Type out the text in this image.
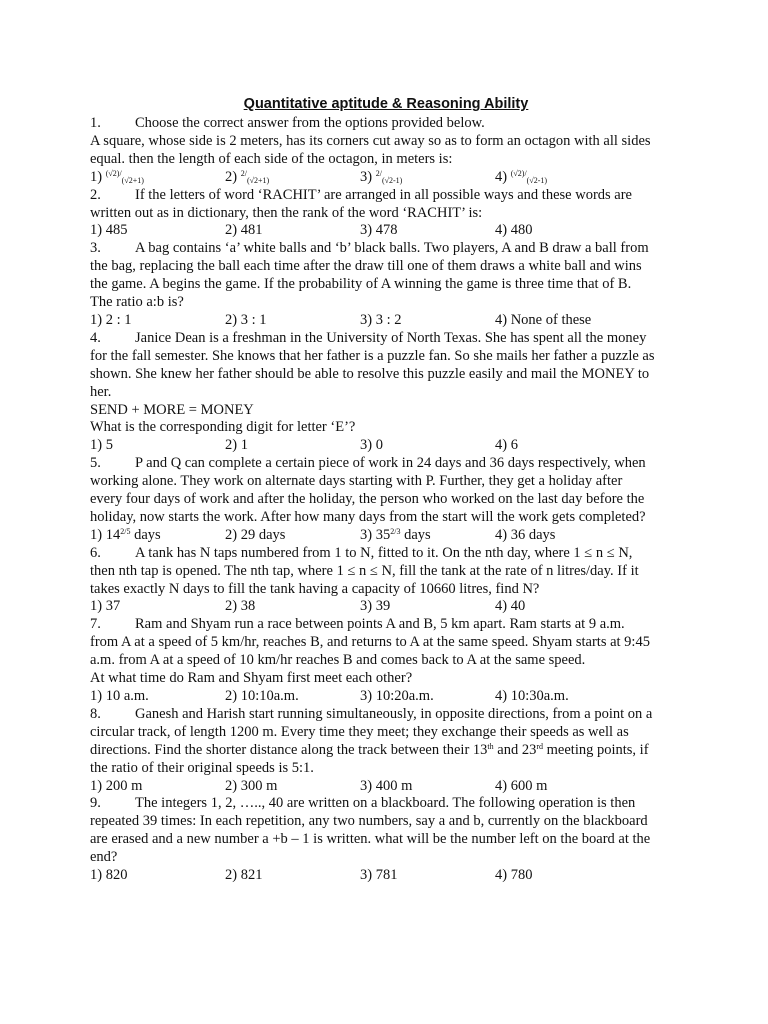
Quantitative aptitude & Reasoning Ability
1.	Choose the correct answer from the options provided below.
A square, whose side is 2 meters, has its corners cut away so as to form an octagon with all sides
equal. then the length of each side of the octagon, in meters is:
1) $^{(√2)/}_{(√2+1)}$	2) $^{2/}_{(√2+1)}$	3) $^{2/}_{(√2-1)}$	4) $^{(√2)/}_{(√2-1)}$
2.	If the letters of word ‘RACHIT’ are arranged in all possible ways and these words are
written out as in dictionary, then the rank of the word ‘RACHIT’ is:
1) 485	2) 481	3) 478	4) 480
3.	A bag contains ‘a’ white balls and ‘b’ black balls. Two players, A and B draw a ball from
the bag, replacing the ball each time after the draw till one of them draws a white ball and wins
the game. A begins the game. If the probability of A winning the game is three time that of B.
The ratio a:b is?
1) 2 : 1	2) 3 : 1	3) 3 : 2	4) None of these
4.	Janice Dean is a freshman in the University of North Texas. She has spent all the money
for the fall semester. She knows that her father is a puzzle fan. So she mails her father a puzzle as
shown. She knew her father should be able to resolve this puzzle easily and mail the MONEY to
her.
SEND + MORE = MONEY
What is the corresponding digit for letter ‘E’?
1) 5	2) 1	3) 0	4) 6
5.	P and Q can complete a certain piece of work in 24 days and 36 days respectively, when
working alone. They work on alternate days starting with P. Further, they get a holiday after
every four days of work and after the holiday, the person who worked on the last day before the
holiday, now starts the work. After how many days from the start will the work gets completed?
1) $14^{2/5}$ days	2) 29 days	3) $35^{2/3}$ days	4) 36 days
6.	A tank has N taps numbered from 1 to N, fitted to it. On the nth day, where 1 ≤ n ≤ N,
then nth tap is opened. The nth tap, where 1 ≤ n ≤ N, fill the tank at the rate of n litres/day. If it
takes exactly N days to fill the tank having a capacity of 10660 litres, find N?
1) 37	2) 38	3) 39	4) 40
7.	Ram and Shyam run a race between points A and B, 5 km apart. Ram starts at 9 a.m.
from A at a speed of 5 km/hr, reaches B, and returns to A at the same speed. Shyam starts at 9:45
a.m. from A at a speed of 10 km/hr reaches B and comes back to A at the same speed.
At what time do Ram and Shyam first meet each other?
1) 10 a.m.	2) 10:10a.m.	3) 10:20a.m.	4) 10:30a.m.
8.	Ganesh and Harish start running simultaneously, in opposite directions, from a point on a
circular track, of length 1200 m. Every time they meet; they exchange their speeds as well as
directions. Find the shorter distance along the track between their 13th and 23rd meeting points, if
the ratio of their original speeds is 5:1.
1) 200 m	2) 300 m	3) 400 m	4) 600 m
9.	The integers 1, 2, ….., 40 are written on a blackboard. The following operation is then
repeated 39 times: In each repetition, any two numbers, say a and b, currently on the blackboard
are erased and a new number a +b – 1 is written. what will be the number left on the board at the
end?
1) 820	2) 821	3) 781	4) 780
